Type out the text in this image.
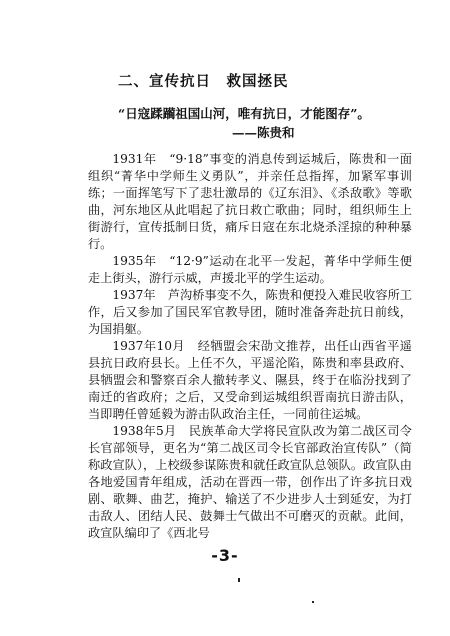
二、宣传抗日　救国拯民
“日寇蹂躏祖国山河，唯有抗日，才能图存”。
——陈贵和

1931年　“9·18”事变的消息传到运城后，陈贵和一面组织“菁华中学师生义勇队”，并亲任总指挥，加紧军事训练；一面挥笔写下了悲壮激昂的《辽东泪》、《杀敌歌》等歌曲，河东地区从此唱起了抗日救亡歌曲；同时，组织师生上街游行，宣传抵制日货，痛斥日寇在东北烧杀淫掠的种种暴行。

1935年　“12·9”运动在北平一发起，菁华中学师生便走上街头，游行示威，声援北平的学生运动。

1937年　芦沟桥事变不久，陈贵和便投入难民收容所工作，后又参加了国民军官教导团，随时准备奔赴抗日前线，为国捐躯。

1937年10月　经牺盟会宋劭文推荐，出任山西省平遥县抗日政府县长。上任不久，平遥沦陷，陈贵和率县政府、县牺盟会和警察百余人撤转孝义、隰县，终于在临汾找到了南迁的省政府；之后，又受命到运城组织晋南抗日游击队，当即聘任曾延毅为游击队政治主任，一同前往运城。

1938年5月　民族革命大学将民宣队改为第二战区司令长官部领导，更名为“第二战区司令长官部政治宣传队”（简称政宣队），上校级参谋陈贵和就任政宣队总领队。政宣队由各地爱国青年组成，活动在晋西一带，创作出了许多抗日戏剧、歌舞、曲艺，掩护、输送了不少进步人士到延安，为打击敌人、团结人民、鼓舞士气做出不可磨灭的贡献。此间，政宣队编印了《西北号

-3-
